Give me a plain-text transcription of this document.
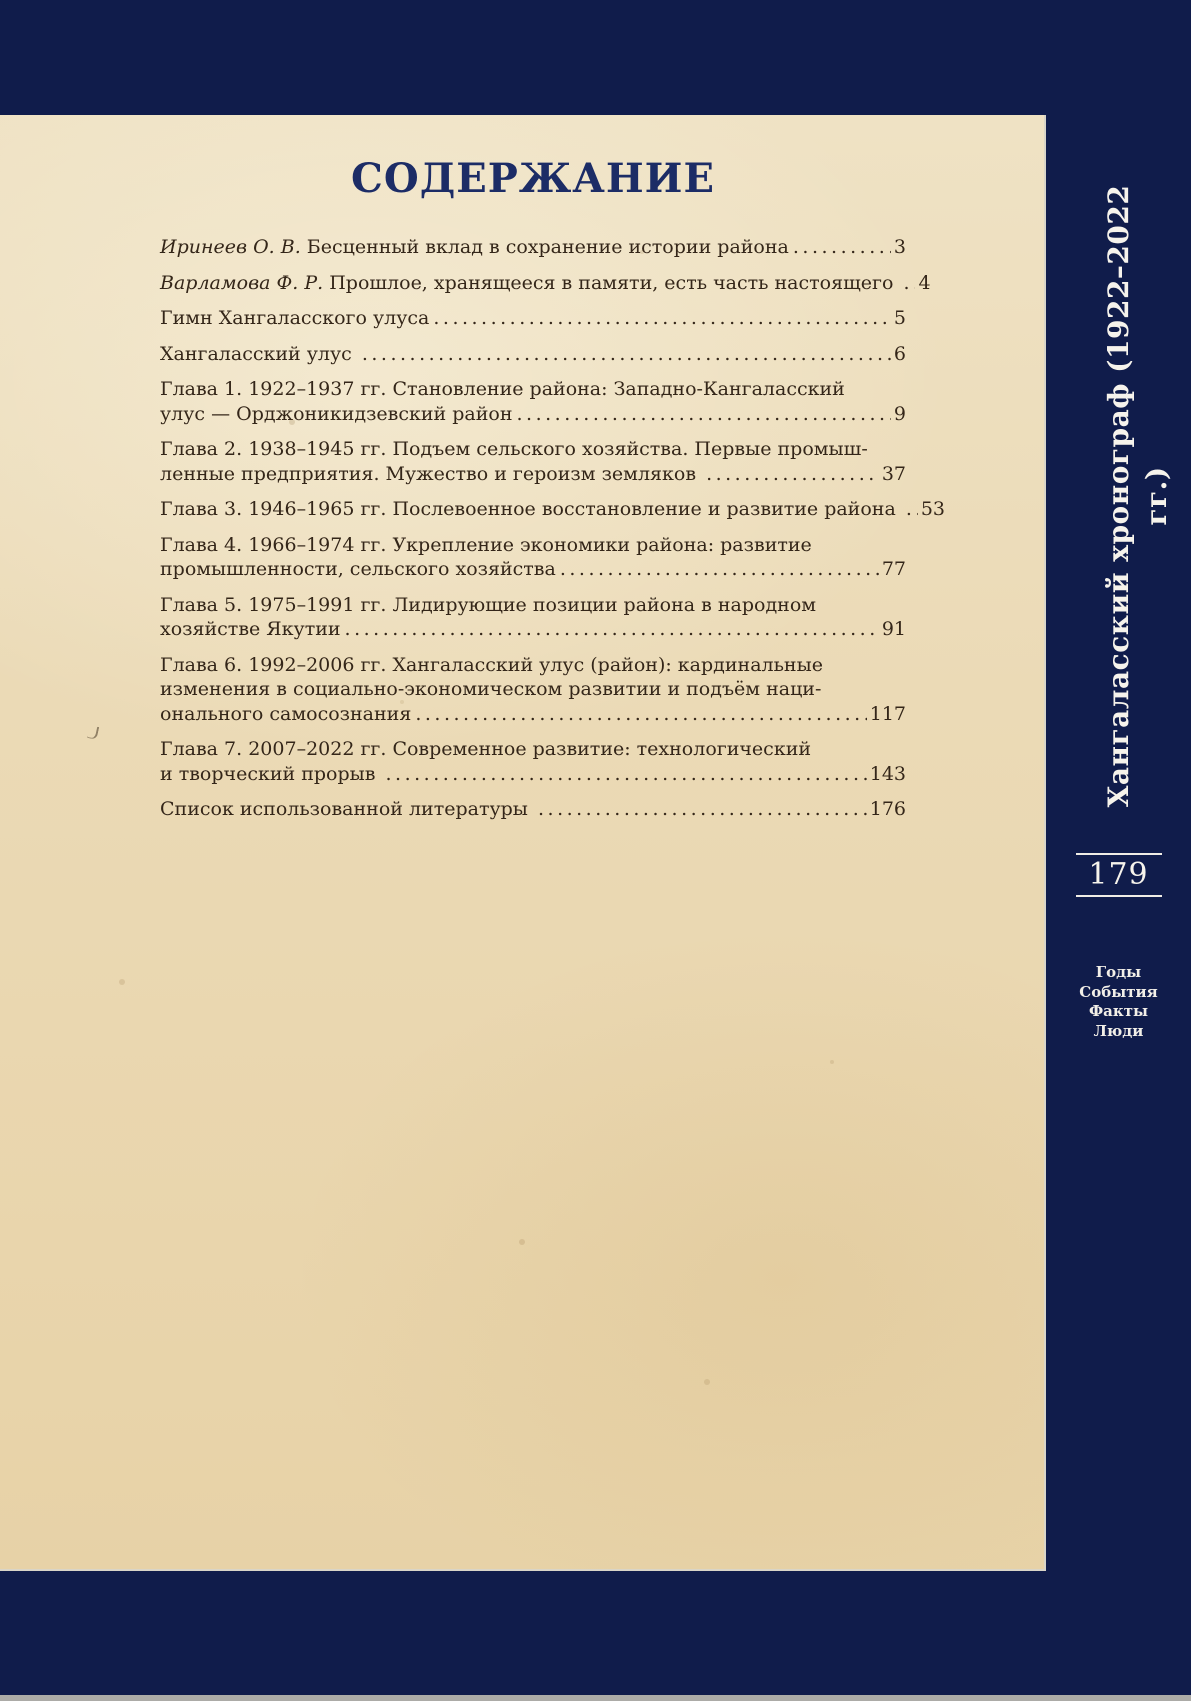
СОДЕРЖАНИЕ
Иринеев О. В. Бесценный вклад в сохранение истории района .....	3
Варламова Ф. Р. Прошлое, хранящееся в памяти, есть часть настоящего ..... 4
Гимн Хангаласского улуса .....	5
Хангаласский улус .....	6
Глава 1. 1922–1937 гг. Становление района: Западно-Кангаласский
улус — Орджоникидзевский район .....	9
Глава 2. 1938–1945 гг. Подъем сельского хозяйства. Первые промыш-
ленные предприятия. Мужество и героизм земляков .....	37
Глава 3. 1946–1965 гг. Послевоенное восстановление и развитие района ..... 53
Глава 4. 1966–1974 гг. Укрепление экономики района: развитие
промышленности, сельского хозяйства .....	77
Глава 5. 1975–1991 гг. Лидирующие позиции района в народном
хозяйстве Якутии .....	91
Глава 6. 1992–2006 гг. Хангаласский улус (район): кардинальные
изменения в социально-экономическом развитии и подъём наци-
онального самосознания .....	117
Глава 7. 2007–2022 гг. Современное развитие: технологический
и творческий прорыв .....	143
Список использованной литературы .....	176
Хангаласский хронограф (1922–2022 гг.)
179
Годы
События
Факты
Люди
